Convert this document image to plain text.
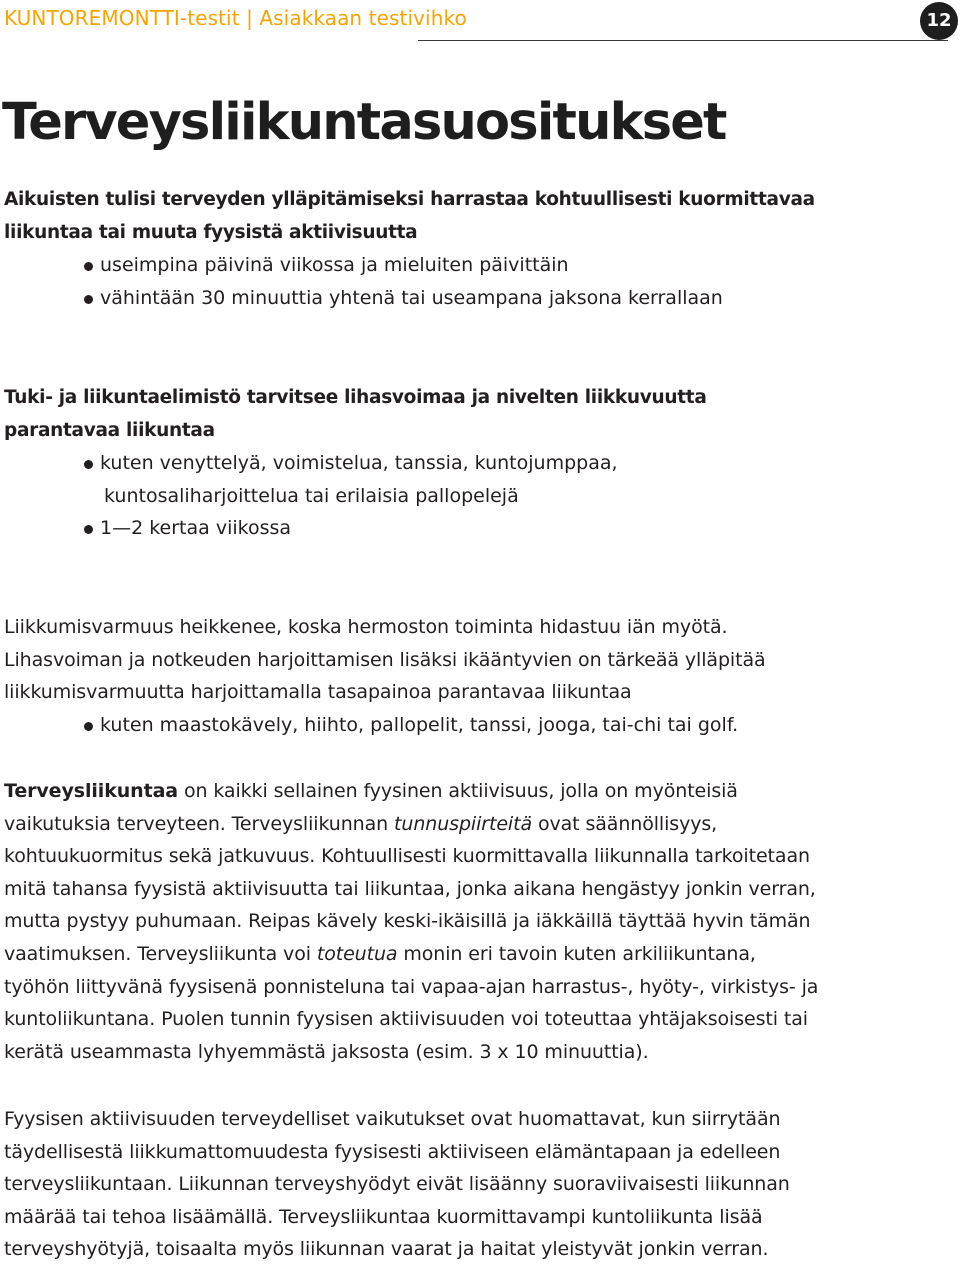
KUNTOREMONTTI-testit | Asiakkaan testivihko	12
Terveysliikuntasuositukset
Aikuisten tulisi terveyden ylläpitämiseksi harrastaa kohtuullisesti kuormittavaa
liikuntaa tai muuta fyysistä aktiivisuutta
useimpina päivinä viikossa ja mieluiten päivittäin
vähintään 30 minuuttia yhtenä tai useampana jaksona kerrallaan
Tuki- ja liikuntaelimistö tarvitsee lihasvoimaa ja nivelten liikkuvuutta
parantavaa liikuntaa
kuten venyttelyä, voimistelua, tanssia, kuntojumppaa,
kuntosaliharjoittelua tai erilaisia pallopelejä
1—2 kertaa viikossa
Liikkumisvarmuus heikkenee, koska hermoston toiminta hidastuu iän myötä.
Lihasvoiman ja notkeuden harjoittamisen lisäksi ikääntyvien on tärkeää ylläpitää
liikkumisvarmuutta harjoittamalla tasapainoa parantavaa liikuntaa
kuten maastokävely, hiihto, pallopelit, tanssi, jooga, tai-chi tai golf.
Terveysliikuntaa on kaikki sellainen fyysinen aktiivisuus, jolla on myönteisiä
vaikutuksia terveyteen. Terveysliikunnan tunnuspiirteitä ovat säännöllisyys,
kohtuukuormitus sekä jatkuvuus. Kohtuullisesti kuormittavalla liikunnalla tarkoitetaan
mitä tahansa fyysistä aktiivisuutta tai liikuntaa, jonka aikana hengästyy jonkin verran,
mutta pystyy puhumaan. Reipas kävely keski-ikäisillä ja iäkkäillä täyttää hyvin tämän
vaatimuksen. Terveysliikunta voi toteutua monin eri tavoin kuten arkiliikuntana,
työhön liittyvänä fyysisenä ponnisteluna tai vapaa-ajan harrastus-, hyöty-, virkistys- ja
kuntoliikuntana. Puolen tunnin fyysisen aktiivisuuden voi toteuttaa yhtäjaksoisesti tai
kerätä useammasta lyhyemmästä jaksosta (esim. 3 x 10 minuuttia).
Fyysisen aktiivisuuden terveydelliset vaikutukset ovat huomattavat, kun siirrytään
täydellisestä liikkumattomuudesta fyysisesti aktiiviseen elämäntapaan ja edelleen
terveysliikuntaan. Liikunnan terveyshyödyt eivät lisäänny suoraviivaisesti liikunnan
määrää tai tehoa lisäämällä. Terveysliikuntaa kuormittavampi kuntoliikunta lisää
terveyshyötyjä, toisaalta myös liikunnan vaarat ja haitat yleistyvät jonkin verran.
